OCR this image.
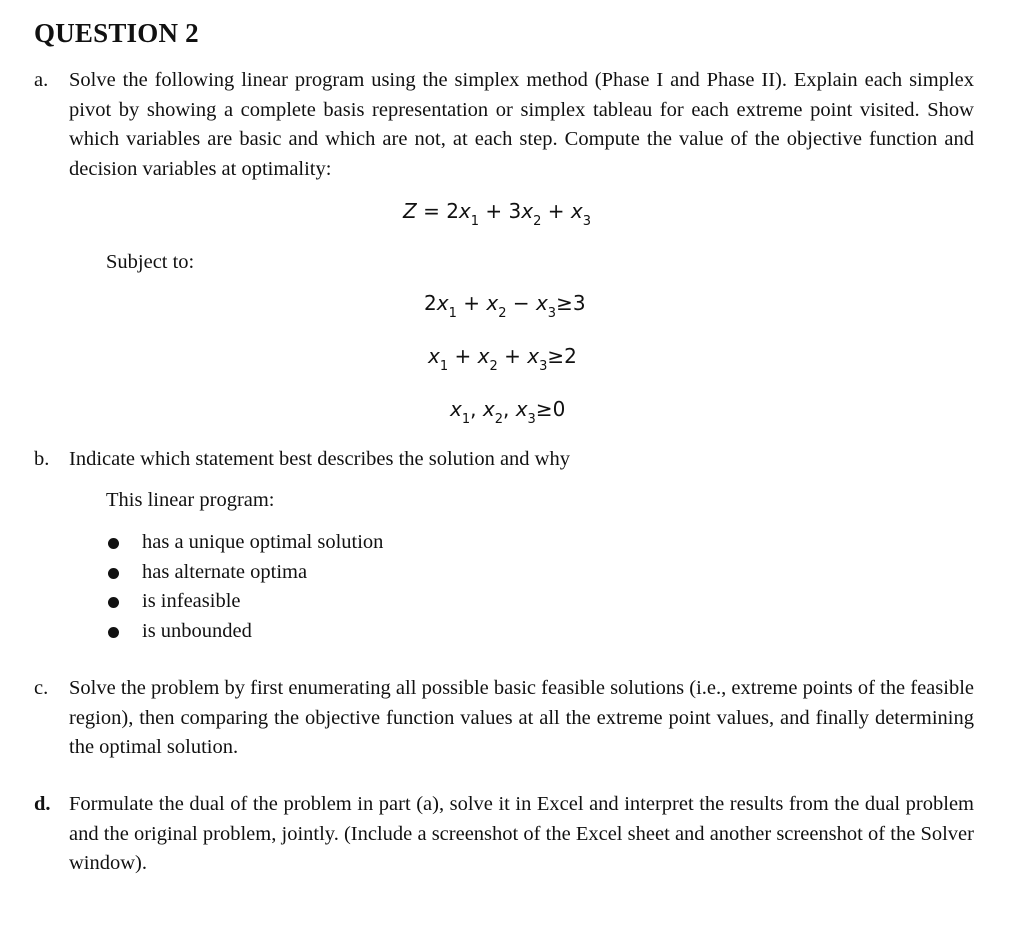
QUESTION 2
a.	Solve the following linear program using the simplex method (Phase I and Phase II). Explain each simplex pivot by showing a complete basis representation or simplex tableau for each extreme point visited. Show which variables are basic and which are not, at each step. Compute the value of the objective function and decision variables at optimality:
$Z = 2x_1 + 3x_2 + x_3$
Subject to:
$2x_1 + x_2 - x_3\ge 3$
$x_1 + x_2 + x_3\ge 2$
$x_1$, $x_2$, $x_3\ge 0$
b. Indicate which statement best describes the solution and why
This linear program:
has a unique optimal solution
has alternate optima
is infeasible
is unbounded
c.	Solve the problem by first enumerating all possible basic feasible solutions (i.e., extreme points of the feasible region), then comparing the objective function values at all the extreme point values, and finally determining the optimal solution.
d. Formulate the dual of the problem in part (a), solve it in Excel and interpret the results from the dual problem and the original problem, jointly. (Include a screenshot of the Excel sheet and another screenshot of the Solver window).
